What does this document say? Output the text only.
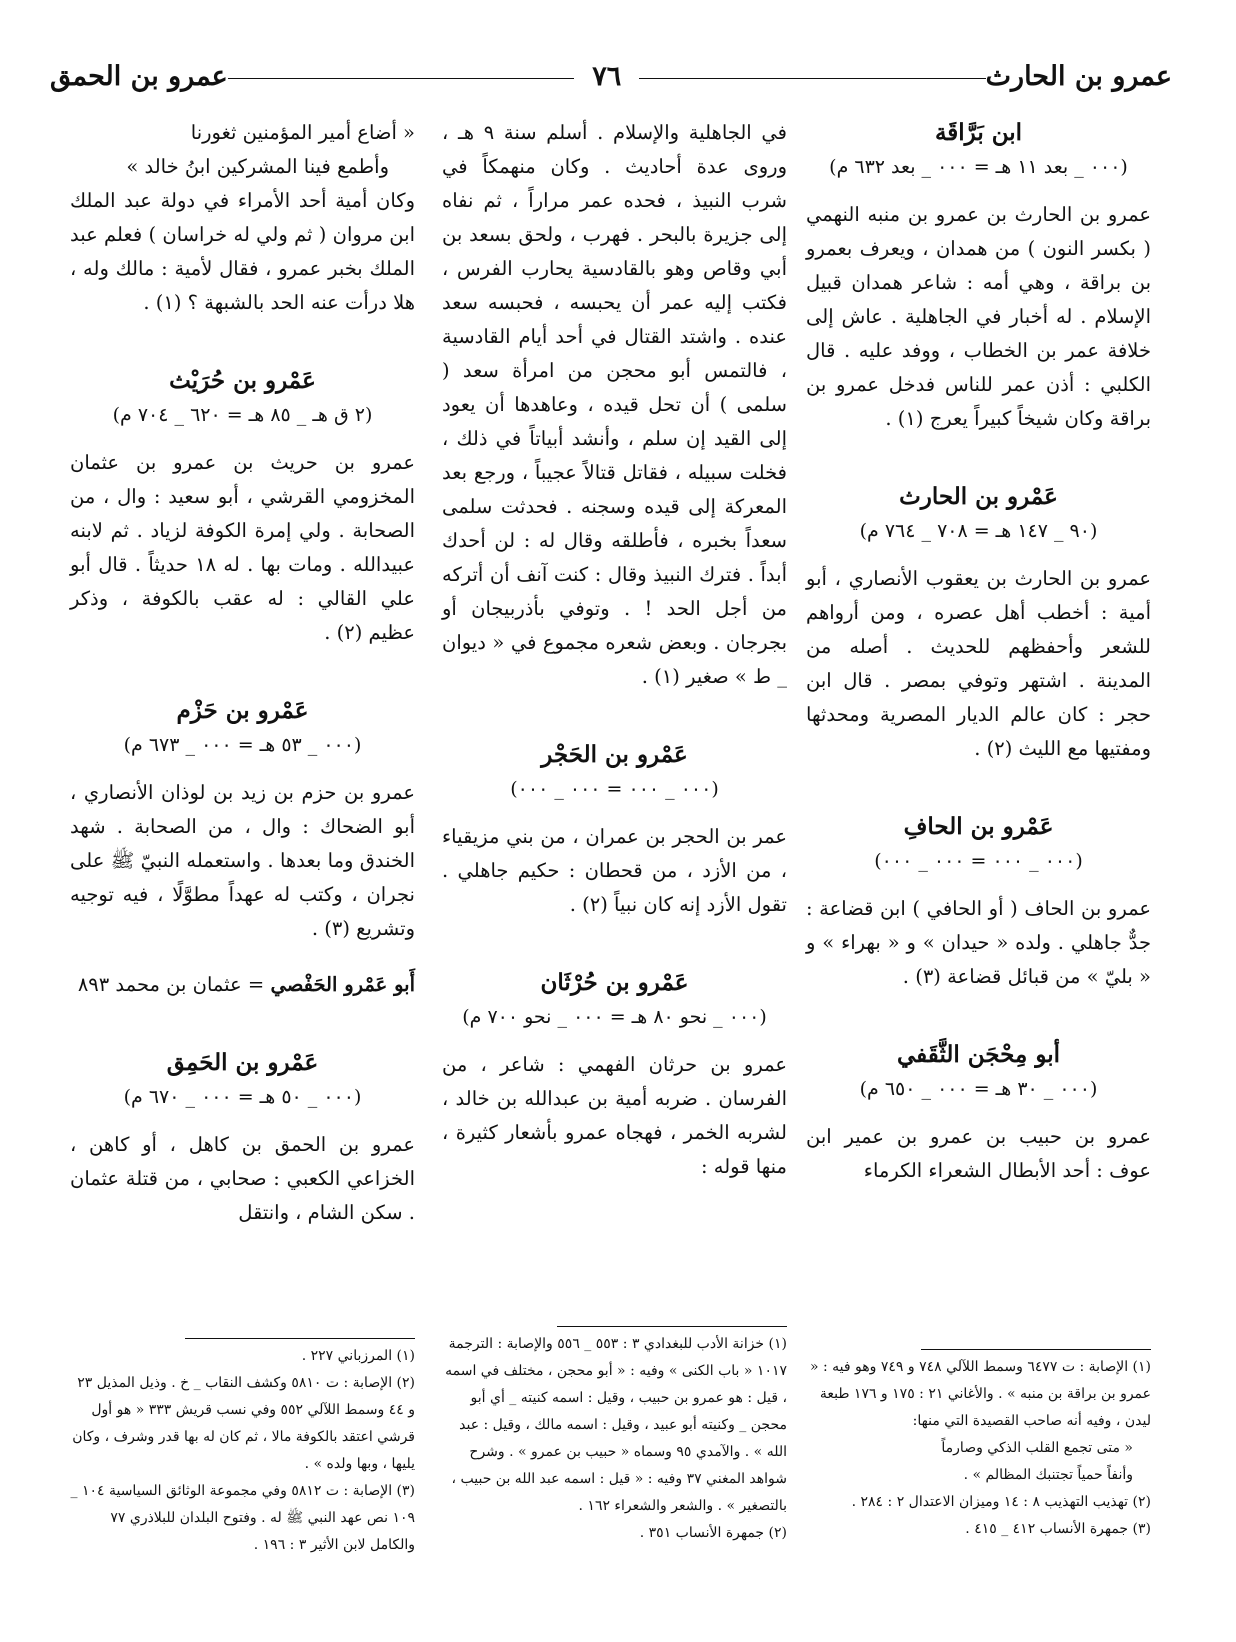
عمرو بن الحارث
٧٦
عمرو بن الحمق

ابن بَرَّاقَة

(٠٠٠ _ بعد ١١ هـ = ٠٠٠ _ بعد ٦٣٢ م)

عمرو بن الحارث بن عمرو بن منبه النهمي ( بكسر النون ) من همدان ، ويعرف بعمرو بن براقة ، وهي أمه : شاعر همدان قبيل الإسلام . له أخبار في الجاهلية . عاش إلى خلافة عمر بن الخطاب ، ووفد عليه . قال الكلبي : أذن عمر للناس فدخل عمرو بن براقة وكان شيخاً كبيراً يعرج (١) .

عَمْرو بن الحارث

(٩٠ _ ١٤٧ هـ = ٧٠٨ _ ٧٦٤ م)

عمرو بن الحارث بن يعقوب الأنصاري ، أبو أمية : أخطب أهل عصره ، ومن أرواهم للشعر وأحفظهم للحديث . أصله من المدينة . اشتهر وتوفي بمصر . قال ابن حجر : كان عالم الديار المصرية ومحدثها ومفتيها مع الليث (٢) .

عَمْرو بن الحافِ

(٠٠٠ _ ٠٠٠ = ٠٠٠ _ ٠٠٠)

عمرو بن الحاف ( أو الحافي ) ابن قضاعة : جدٌّ جاهلي . ولده « حيدان » و « بهراء » و « بليّ » من قبائل قضاعة (٣) .

أبو مِحْجَن الثَّقَفي

(٠٠٠ _ ٣٠ هـ = ٠٠٠ _ ٦٥٠ م)

عمرو بن حبيب بن عمرو بن عمير ابن عوف : أحد الأبطال الشعراء الكرماء

في الجاهلية والإسلام . أسلم سنة ٩ هـ ، وروى عدة أحاديث . وكان منهمكاً في شرب النبيذ ، فحده عمر مراراً ، ثم نفاه إلى جزيرة بالبحر . فهرب ، ولحق بسعد بن أبي وقاص وهو بالقادسية يحارب الفرس ، فكتب إليه عمر أن يحبسه ، فحبسه سعد عنده . واشتد القتال في أحد أيام القادسية ، فالتمس أبو محجن من امرأة سعد ( سلمى ) أن تحل قيده ، وعاهدها أن يعود إلى القيد إن سلم ، وأنشد أبياتاً في ذلك ، فخلت سبيله ، فقاتل قتالاً عجيباً ، ورجع بعد المعركة إلى قيده وسجنه . فحدثت سلمى سعداً بخبره ، فأطلقه وقال له : لن أحدك أبداً . فترك النبيذ وقال : كنت آنف أن أتركه من أجل الحد ! . وتوفي بأذربيجان أو بجرجان . وبعض شعره مجموع في « ديوان _ ط » صغير (١) .

عَمْرو بن الحَجْر

(٠٠٠ _ ٠٠٠ = ٠٠٠ _ ٠٠٠)

عمر بن الحجر بن عمران ، من بني مزيقياء ، من الأزد ، من قحطان : حكيم جاهلي . تقول الأزد إنه كان نبياً (٢) .

عَمْرو بن حُرْثَان

(٠٠٠ _ نحو ٨٠ هـ = ٠٠٠ _ نحو ٧٠٠ م)

عمرو بن حرثان الفهمي : شاعر ، من الفرسان . ضربه أمية بن عبدالله بن خالد ، لشربه الخمر ، فهجاه عمرو بأشعار كثيرة ، منها قوله :

« أضاع أمير المؤمنين ثغورنا

وأطمع فينا المشركين ابنُ خالد »

وكان أمية أحد الأمراء في دولة عبد الملك ابن مروان ( ثم ولي له خراسان ) فعلم عبد الملك بخبر عمرو ، فقال لأمية : مالك وله ، هلا درأت عنه الحد بالشبهة ؟ (١) .

عَمْرو بن حُرَيْث

(٢ ق هـ _ ٨٥ هـ = ٦٢٠ _ ٧٠٤ م)

عمرو بن حريث بن عمرو بن عثمان المخزومي القرشي ، أبو سعيد : وال ، من الصحابة . ولي إمرة الكوفة لزياد . ثم لابنه عبيدالله . ومات بها . له ١٨ حديثاً . قال أبو علي القالي : له عقب بالكوفة ، وذكر عظيم (٢) .

عَمْرو بن حَزْم

(٠٠٠ _ ٥٣ هـ = ٠٠٠ _ ٦٧٣ م)

عمرو بن حزم بن زيد بن لوذان الأنصاري ، أبو الضحاك : وال ، من الصحابة . شهد الخندق وما بعدها . واستعمله النبيّ ﷺ على نجران ، وكتب له عهداً مطوَّلًا ، فيه توجيه وتشريع (٣) .

أَبو عَمْرو الحَفْصي = عثمان بن محمد ٨٩٣

عَمْرو بن الحَمِق

(٠٠٠ _ ٥٠ هـ = ٠٠٠ _ ٦٧٠ م)

عمرو بن الحمق بن كاهل ، أو كاهن ، الخزاعي الكعبي : صحابي ، من قتلة عثمان . سكن الشام ، وانتقل

(١) الإصابة : ت ٦٤٧٧ وسمط اللآلي ٧٤٨ و ٧٤٩ وهو فيه : « عمرو بن براقة بن منبه » . والأغاني ٢١ : ١٧٥ و ١٧٦ طبعة ليدن ، وفيه أنه صاحب القصيدة التي منها:

« متى تجمع القلب الذكي وصارماً

وأنفاً حمياً تجتنبك المظالم » .

(٢) تهذيب التهذيب ٨ : ١٤ وميزان الاعتدال ٢ : ٢٨٤ .

(٣) جمهرة الأنساب ٤١٢ _ ٤١٥ .

(١) خزانة الأدب للبغدادي ٣ : ٥٥٣ _ ٥٥٦ والإصابة : الترجمة ١٠١٧ « باب الكنى » وفيه : « أبو محجن ، مختلف في اسمه ، قيل : هو عمرو بن حبيب ، وقيل : اسمه كنيته _ أي أبو محجن _ وكنيته أبو عبيد ، وقيل : اسمه مالك ، وقيل : عبد الله » . والآمدي ٩٥ وسماه « حبيب بن عمرو » . وشرح شواهد المغني ٣٧ وفيه : « قيل : اسمه عبد الله بن حبيب ، بالتصغير » . والشعر والشعراء ١٦٢ .

(٢) جمهرة الأنساب ٣٥١ .

(١) المرزباني ٢٢٧ .

(٢) الإصابة : ت ٥٨١٠ وكشف النقاب _ خ . وذيل المذيل ٢٣ و ٤٤ وسمط اللآلي ٥٥٢ وفي نسب قريش ٣٣٣ « هو أول قرشي اعتقد بالكوفة مالا ، ثم كان له بها قدر وشرف ، وكان يليها ، وبها ولده » .

(٣) الإصابة : ت ٥٨١٢ وفي مجموعة الوثائق السياسية ١٠٤ _ ١٠٩ نص عهد النبي ﷺ له . وفتوح البلدان للبلاذري ٧٧ والكامل لابن الأثير ٣ : ١٩٦ .
